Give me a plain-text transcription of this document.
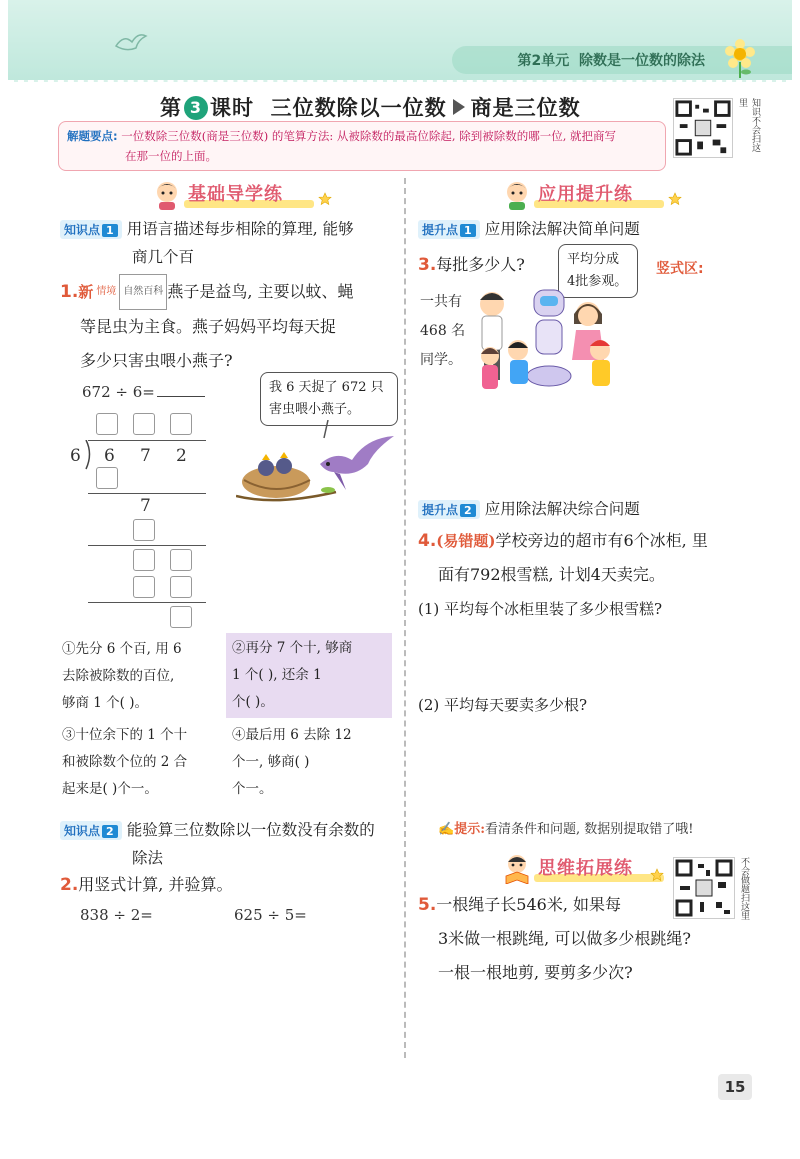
第2单元 除数是一位数的除法
第 3 课时 三位数除以一位数 商是三位数
解题要点: 一位数除三位数(商是三位数) 的笔算方法: 从被除数的最高位除起, 除到被除数的哪一位, 就把商写
在那一位的上面。
知识不会扫这里
基础导学练
知识点 1 用语言描述每步相除的算理, 能够
商几个百
1.新 情境 自然百科 燕子是益鸟, 主要以蚊、蝇
等昆虫为主食。燕子妈妈平均每天捉
多少只害虫喂小燕子?
672 ÷ 6=
6 6 7 2
7
我 6 天捉了 672 只
害虫喂小燕子。
①先分 6 个百, 用 6
去除被除数的百位,
够商 1 个( )。
②再分 7 个十, 够商
1 个( ), 还余 1
个( )。
③十位余下的 1 个十
和被除数个位的 2 合
起来是( )个一。
④最后用 6 去除 12
个一, 够商( )
个一。
知识点 2 能验算三位数除以一位数没有余数的
除法
2.用竖式计算, 并验算。
838 ÷ 2=	625 ÷ 5=
应用提升练
提升点 1 应用除法解决简单问题
3.每批多少人?	平均分成
4批参观。
竖式区:
一共有
468 名
同学。
提升点 2 应用除法解决综合问题
4.(易错题)学校旁边的超市有6个冰柜, 里
面有792根雪糕, 计划4天卖完。
(1) 平均每个冰柜里装了多少根雪糕?
(2) 平均每天要卖多少根?
✍提示:看清条件和问题, 数据别提取错了哦!
思维拓展练	不会做题扫这里
5.一根绳子长546米, 如果每
3米做一根跳绳, 可以做多少根跳绳?
一根一根地剪, 要剪多少次?
15
